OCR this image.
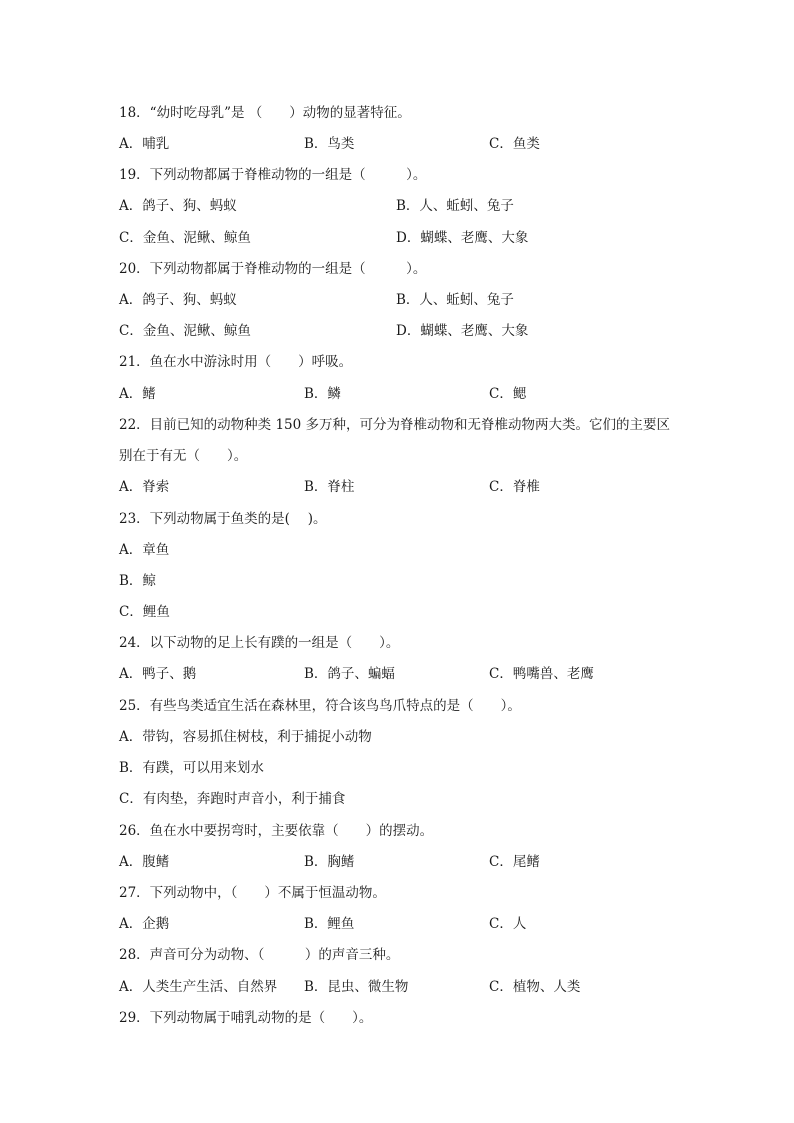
18．“幼时吃母乳”是 （　　）动物的显著特征。
A．哺乳	B．鸟类	C．鱼类
19．下列动物都属于脊椎动物的一组是（　　　）。
A．鸽子、狗、蚂蚁	B．人、蚯蚓、兔子
C．金鱼、泥鳅、鲸鱼	D．蝴蝶、老鹰、大象
20．下列动物都属于脊椎动物的一组是（　　　）。
A．鸽子、狗、蚂蚁	B．人、蚯蚓、兔子
C．金鱼、泥鳅、鲸鱼	D．蝴蝶、老鹰、大象
21．鱼在水中游泳时用（　　）呼吸。
A．鳍	B．鳞	C．鳃
22．目前已知的动物种类 150 多万种，可分为脊椎动物和无脊椎动物两大类。它们的主要区
别在于有无（　　）。
A．脊索	B．脊柱	C．脊椎
23．下列动物属于鱼类的是(　 )。
A．章鱼
B．鲸
C．鲤鱼
24．以下动物的足上长有蹼的一组是（　　）。
A．鸭子、鹅	B．鸽子、蝙蝠	C．鸭嘴兽、老鹰
25．有些鸟类适宜生活在森林里，符合该鸟鸟爪特点的是（　　）。
A．带钩，容易抓住树枝，利于捕捉小动物
B．有蹼，可以用来划水
C．有肉垫，奔跑时声音小，利于捕食
26．鱼在水中要拐弯时，主要依靠（　　）的摆动。
A．腹鳍	B．胸鳍	C．尾鳍
27．下列动物中，（　　）不属于恒温动物。
A．企鹅	B．鲤鱼	C．人
28．声音可分为动物、（　　　）的声音三种。
A．人类生产生活、自然界 B．昆虫、微生物	C．植物、人类
29．下列动物属于哺乳动物的是（　　）。
